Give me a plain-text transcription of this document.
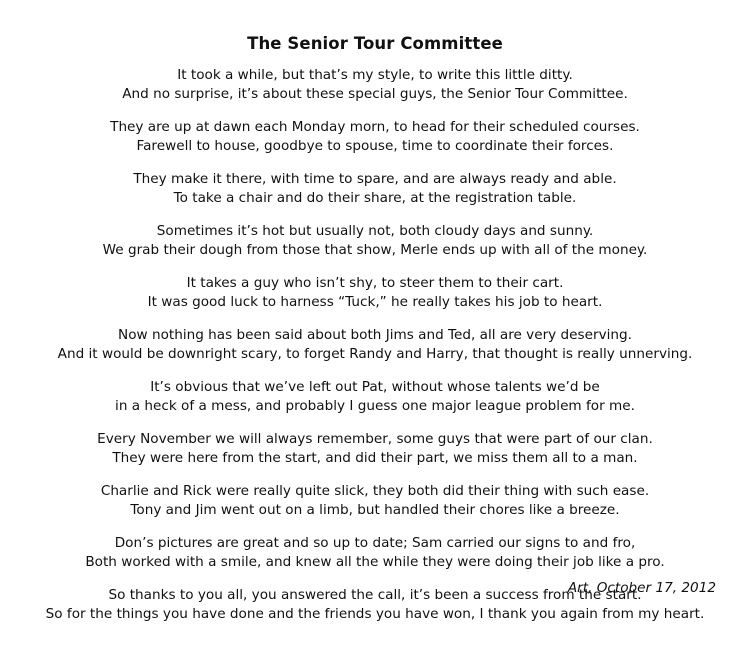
The Senior Tour Committee
It took a while, but that’s my style, to write this little ditty.
And no surprise, it’s about these special guys, the Senior Tour Committee.
They are up at dawn each Monday morn, to head for their scheduled courses.
Farewell to house, goodbye to spouse, time to coordinate their forces.
They make it there, with time to spare, and are always ready and able.
To take a chair and do their share, at the registration table.
Sometimes it’s hot but usually not, both cloudy days and sunny.
We grab their dough from those that show, Merle ends up with all of the money.
It takes a guy who isn’t shy, to steer them to their cart.
It was good luck to harness “Tuck,” he really takes his job to heart.
Now nothing has been said about both Jims and Ted, all are very deserving.
And it would be downright scary, to forget Randy and Harry, that thought is really unnerving.
It’s obvious that we’ve left out Pat, without whose talents we’d be
in a heck of a mess, and probably I guess one major league problem for me.
Every November we will always remember, some guys that were part of our clan.
They were here from the start, and did their part, we miss them all to a man.
Charlie and Rick were really quite slick, they both did their thing with such ease.
Tony and Jim went out on a limb, but handled their chores like a breeze.
Don’s pictures are great and so up to date; Sam carried our signs to and fro,
Both worked with a smile, and knew all the while they were doing their job like a pro.
So thanks to you all, you answered the call, it’s been a success from the start.
So for the things you have done and the friends you have won, I thank you again from my heart.
Art, October 17, 2012
